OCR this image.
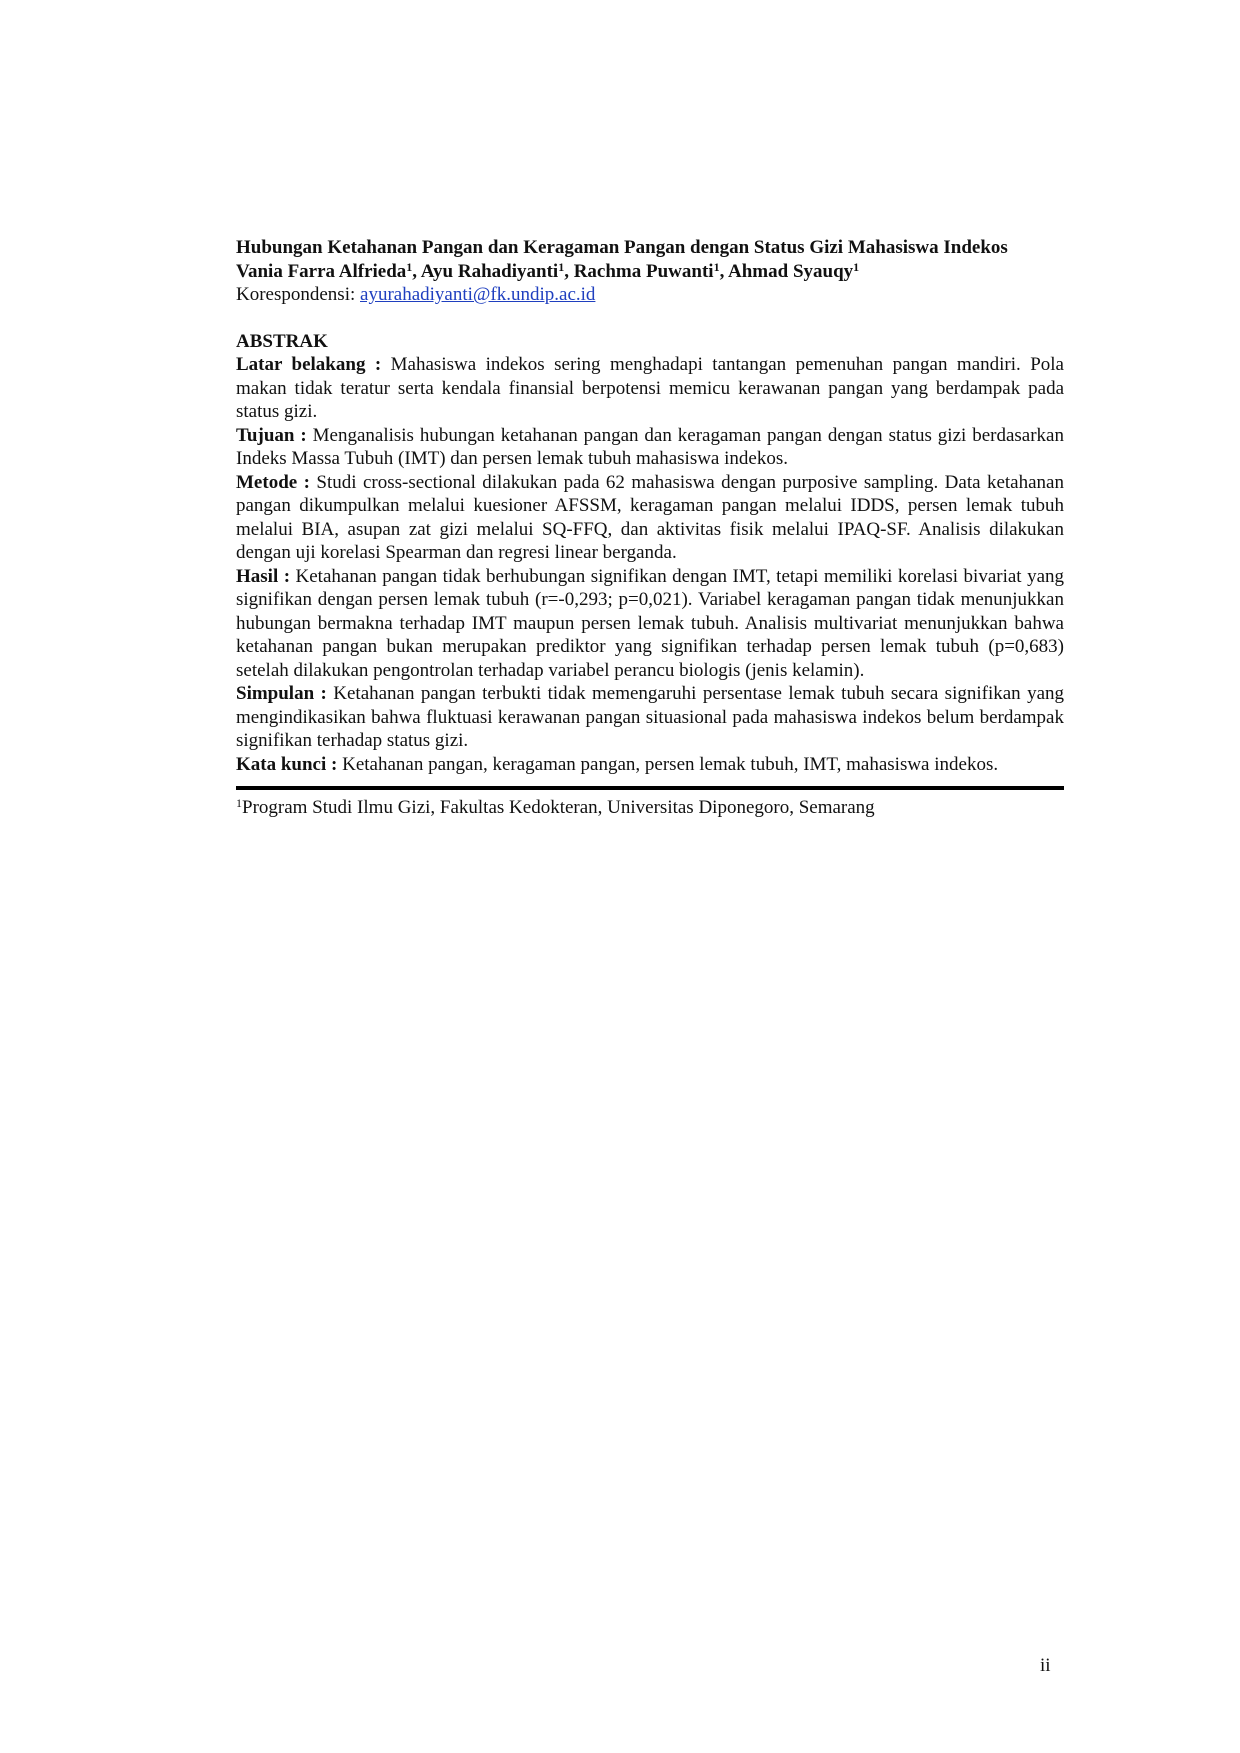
Hubungan Ketahanan Pangan dan Keragaman Pangan dengan Status Gizi Mahasiswa Indekos

Vania Farra Alfrieda$^1$, Ayu Rahadiyanti$^1$, Rachma Puwanti$^1$, Ahmad Syauqy$^1$

Korespondensi: ayurahadiyanti@fk.undip.ac.id

ABSTRAK

Latar belakang : Mahasiswa indekos sering menghadapi tantangan pemenuhan pangan mandiri. Pola makan tidak teratur serta kendala finansial berpotensi memicu kerawanan pangan yang berdampak pada status gizi.

Tujuan : Menganalisis hubungan ketahanan pangan dan keragaman pangan dengan status gizi berdasarkan Indeks Massa Tubuh (IMT) dan persen lemak tubuh mahasiswa indekos.

Metode : Studi cross-sectional dilakukan pada 62 mahasiswa dengan purposive sampling. Data ketahanan pangan dikumpulkan melalui kuesioner AFSSM, keragaman pangan melalui IDDS, persen lemak tubuh melalui BIA, asupan zat gizi melalui SQ-FFQ, dan aktivitas fisik melalui IPAQ-SF. Analisis dilakukan dengan uji korelasi Spearman dan regresi linear berganda.

Hasil : Ketahanan pangan tidak berhubungan signifikan dengan IMT, tetapi memiliki korelasi bivariat yang signifikan dengan persen lemak tubuh (r=-0,293; p=0,021). Variabel keragaman pangan tidak menunjukkan hubungan bermakna terhadap IMT maupun persen lemak tubuh. Analisis multivariat menunjukkan bahwa ketahanan pangan bukan merupakan prediktor yang signifikan terhadap persen lemak tubuh (p=0,683) setelah dilakukan pengontrolan terhadap variabel perancu biologis (jenis kelamin).

Simpulan : Ketahanan pangan terbukti tidak memengaruhi persentase lemak tubuh secara signifikan yang mengindikasikan bahwa fluktuasi kerawanan pangan situasional pada mahasiswa indekos belum berdampak signifikan terhadap status gizi.

Kata kunci : Ketahanan pangan, keragaman pangan, persen lemak tubuh, IMT, mahasiswa indekos.

$^1$Program Studi Ilmu Gizi, Fakultas Kedokteran, Universitas Diponegoro, Semarang

ii
